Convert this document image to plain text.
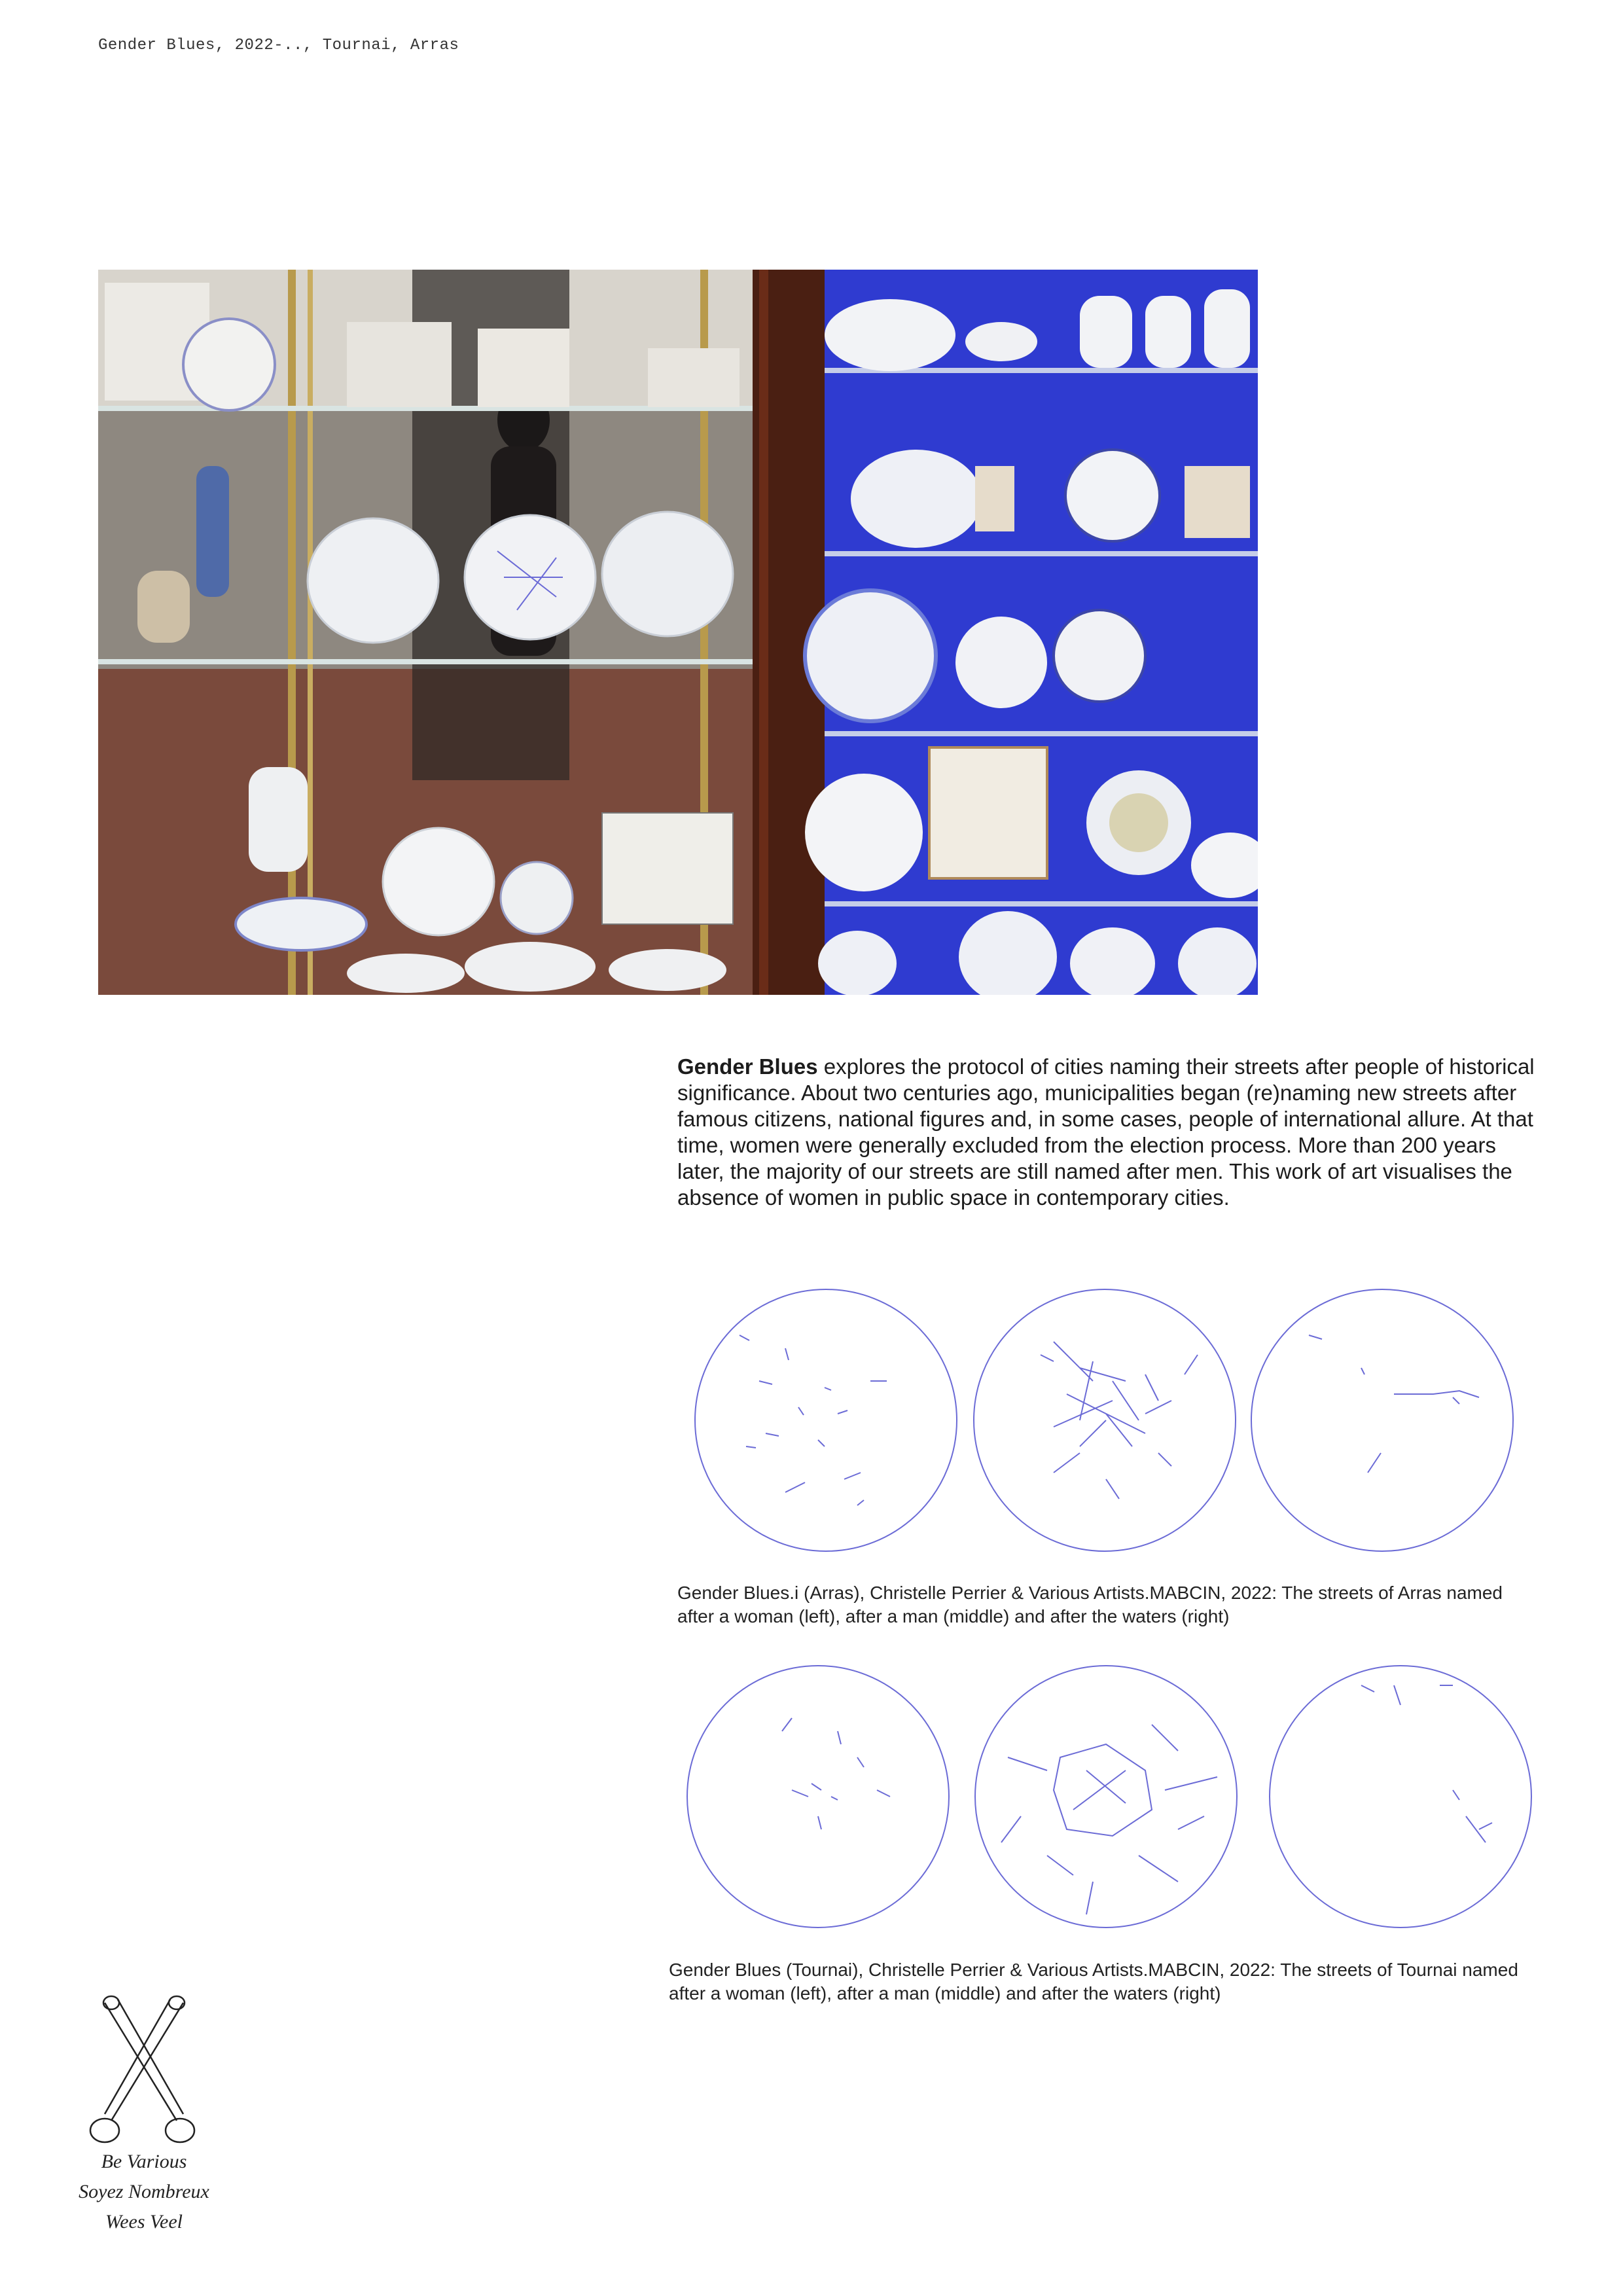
Gender Blues, 2022-.., Tournai, Arras
Gender Blues explores the protocol of cities naming their streets after people of historical significance. About two centuries ago, municipalities began (re)naming new streets after famous citizens, national figures and, in some cases, people of international allure. At that time, women were generally excluded from the election process. More than 200 years later, the majority of our streets are still named after men. This work of art visualises the absence of women in public space in contemporary cities.
Gender Blues.i (Arras), Christelle Perrier & Various Artists.MABCIN, 2022: The streets of Arras named after a woman (left), after a man (middle) and after the waters (right)
Gender Blues (Tournai), Christelle Perrier & Various Artists.MABCIN, 2022: The streets of Tournai named after a woman (left), after a man (middle) and after the waters (right)
Be Various
Soyez Nombreux
Wees Veel
